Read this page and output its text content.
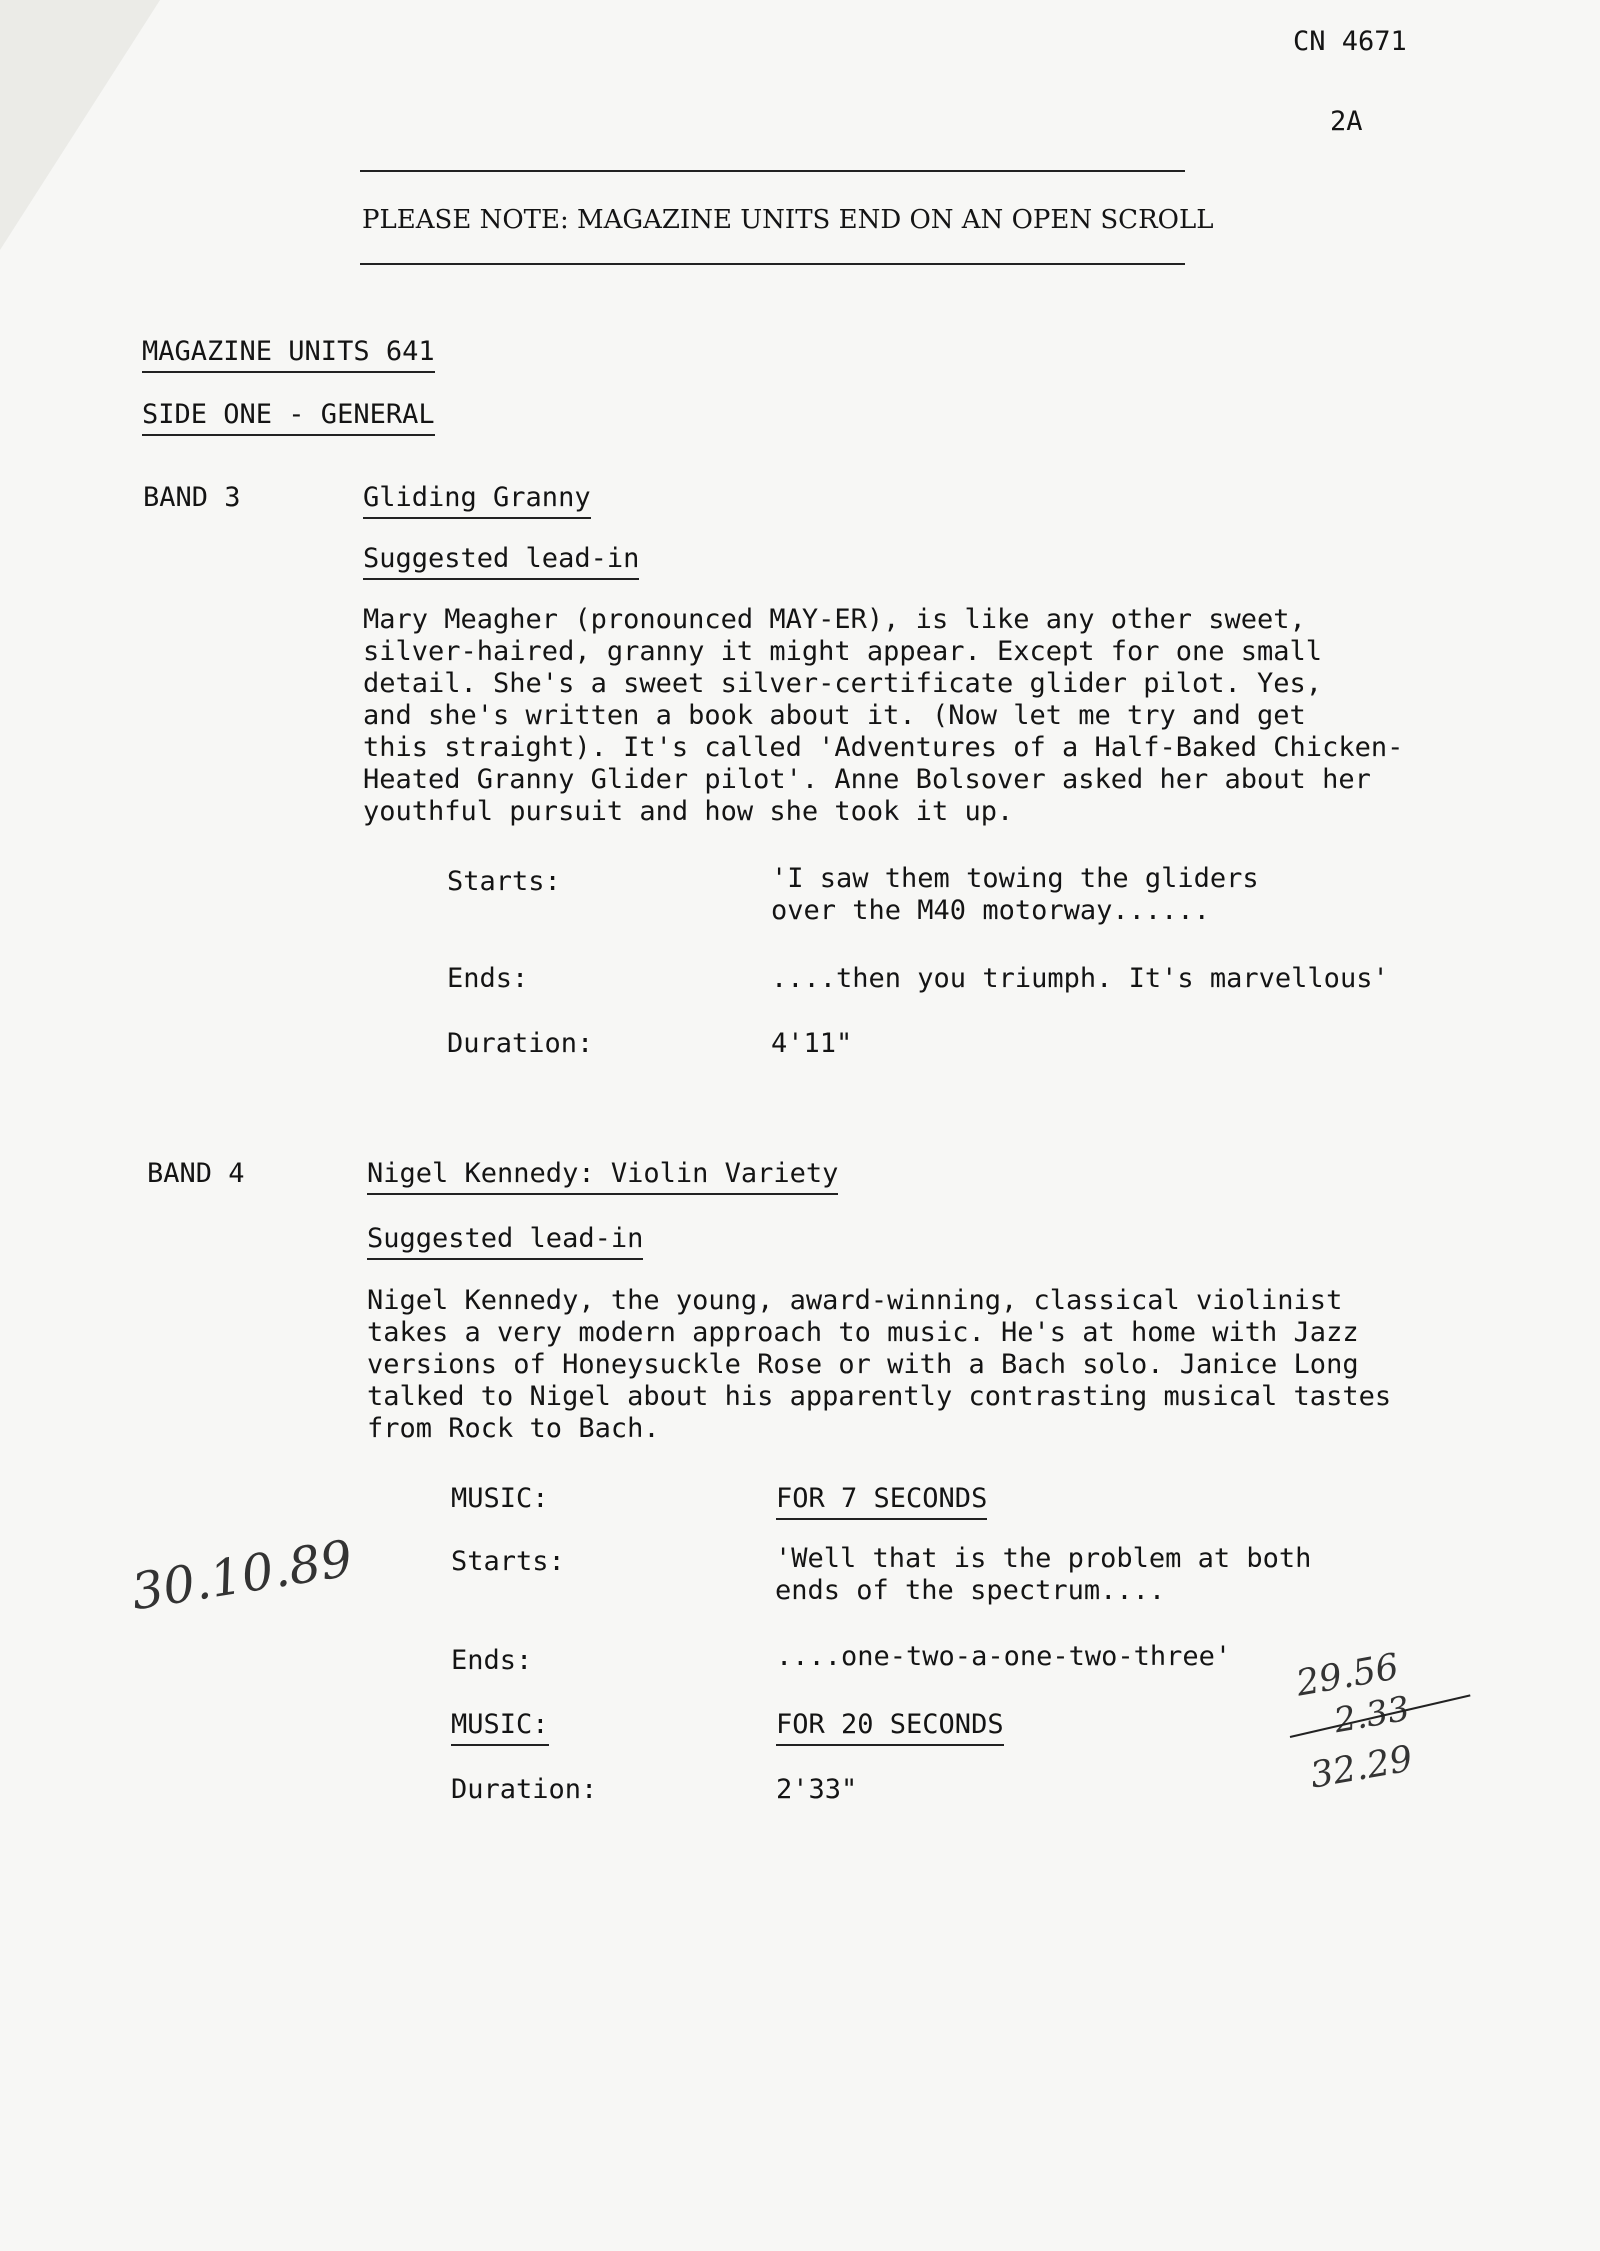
CN 4671
2A
PLEASE NOTE: MAGAZINE UNITS END ON AN OPEN SCROLL
MAGAZINE UNITS 641
SIDE ONE - GENERAL
BAND 3	Gliding Granny
Suggested lead-in
Mary Meagher (pronounced MAY-ER), is like any other sweet,
silver-haired, granny it might appear. Except for one small
detail. She's a sweet silver-certificate glider pilot. Yes,
and she's written a book about it. (Now let me try and get
this straight). It's called 'Adventures of a Half-Baked Chicken-
Heated Granny Glider pilot'. Anne Bolsover asked her about her
youthful pursuit and how she took it up.
Starts:	'I saw them towing the gliders
over the M40 motorway......
Ends:	....then you triumph. It's marvellous'
Duration:	4'11"
BAND 4	Nigel Kennedy: Violin Variety
Suggested lead-in
Nigel Kennedy, the young, award-winning, classical violinist
takes a very modern approach to music. He's at home with Jazz
versions of Honeysuckle Rose or with a Bach solo. Janice Long
talked to Nigel about his apparently contrasting musical tastes
from Rock to Bach.
MUSIC:	FOR 7 SECONDS
Starts:	'Well that is the problem at both
ends of the spectrum....
Ends:	....one-two-a-one-two-three'
MUSIC:	FOR 20 SECONDS
Duration:	2'33"
30.10.89
29.56
2.33
32.29
